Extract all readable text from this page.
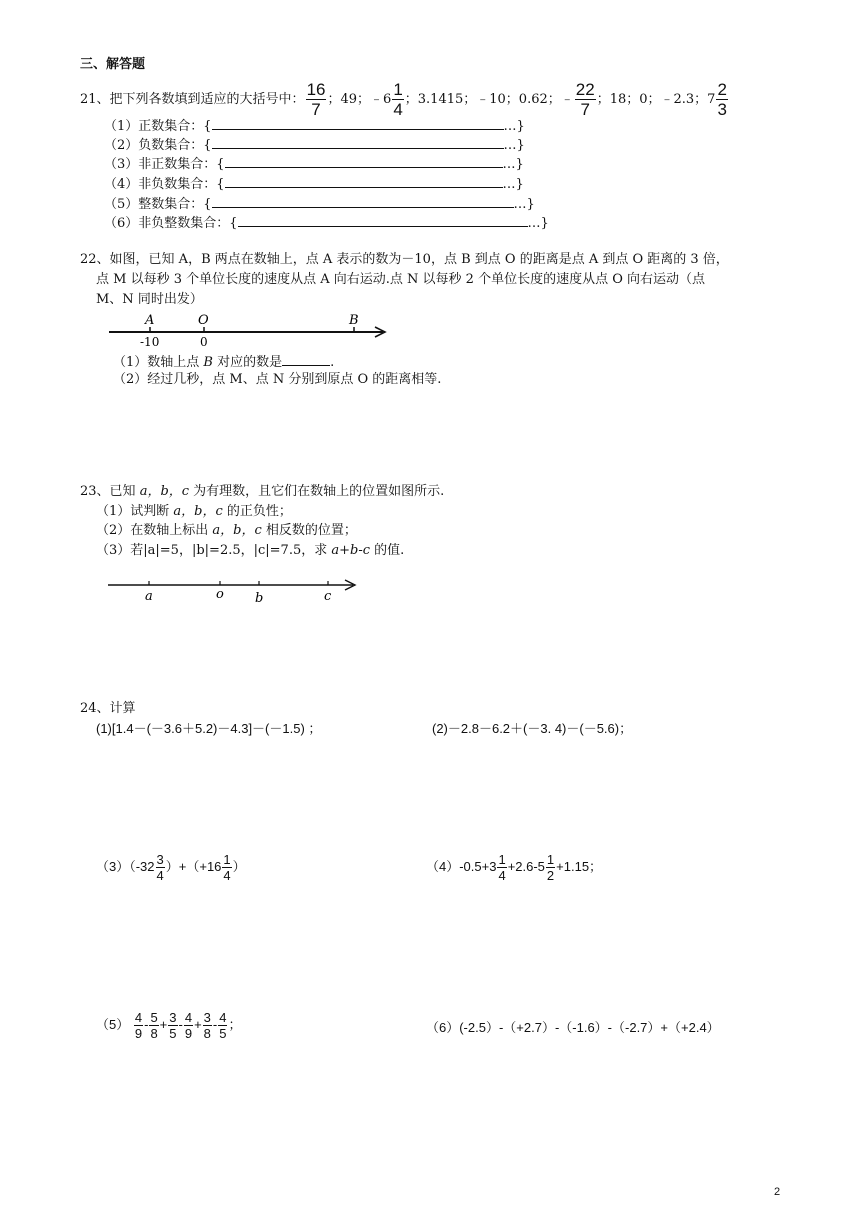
三、解答题
21、把下列各数填到适应的大括号中： $\frac{16}{7}$ ；49；﹣6 $\frac{1}{4}$ ；3.1415；﹣10；0.62；﹣ $\frac{22}{7}$ ；18；0；﹣2.3；$7 \frac{2}{3}$
（1）正数集合：{	…}
（2）负数集合：{	…}
（3）非正数集合：{	…}
（4）非负数集合：{	…}
（5）整数集合：{	…}
（6）非负整数集合：{	…}
22、如图，已知 A，B 两点在数轴上，点 A 表示的数为－10，点 B 到点 O 的距离是点 A 到点 O 距离的 3 倍，
点 M 以每秒 3 个单位长度的速度从点 A 向右运动.点 N 以每秒 2 个单位长度的速度从点 O 向右运动（点
M、N 同时出发）
A	O	B
-10	0
（1）数轴上点 B 对应的数是	.
（2）经过几秒，点 M、点 N 分别到原点 O 的距离相等.
23、已知 a，b，c 为有理数，且它们在数轴上的位置如图所示.
（1）试判断 a，b，c 的正负性；
（2）在数轴上标出 a，b，c 相反数的位置；
（3）若|a|=5，|b|=2.5，|c|=7.5，求 a+b-c 的值.
a	o b	c
24、计算
(1)[1.4－(－3.6＋5.2)－4.3]－(－1.5) ；	(2)－2.8－6.2＋(－3. 4)－(－5.6)；
$(3)(-32 \frac{3}{4} )+(+16 \frac{1}{4}$ ）	$(4)-0.5+3 \frac{1}{4} +2.6-5 \frac{1}{2} +1.15$；
$(5) \frac{4}{9} - \frac{5}{8} + \frac{3}{5} - \frac{4}{9} + \frac{3}{8} - \frac{4}{5}$ ；	（6）(-2.5）-（+2.7）-（-1.6）-（-2.7）+（+2.4）
2
